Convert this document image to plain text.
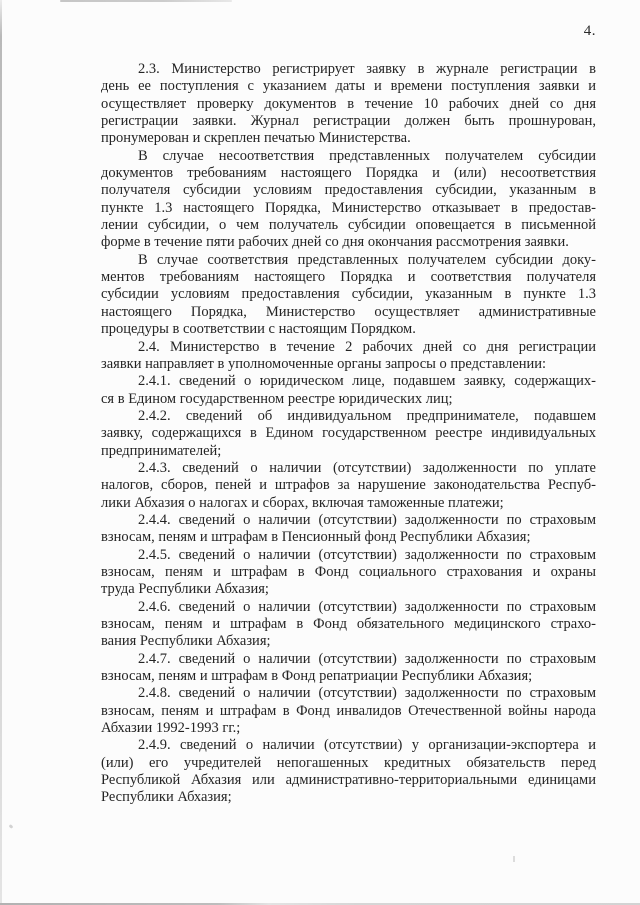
4.
2.3. Министерство регистрирует заявку в журнале регистрации в
день ее поступления с указанием даты и времени поступления заявки и
осуществляет проверку документов в течение 10 рабочих дней со дня
регистрации заявки. Журнал регистрации должен быть прошнурован,
пронумерован и скреплен печатью Министерства.
В случае несоответствия представленных получателем субсидии
документов требованиям настоящего Порядка и (или) несоответствия
получателя субсидии условиям предоставления субсидии, указанным в
пункте 1.3 настоящего Порядка, Министерство отказывает в предостав-
лении субсидии, о чем получатель субсидии оповещается в письменной
форме в течение пяти рабочих дней со дня окончания рассмотрения заявки.
В случае соответствия представленных получателем субсидии доку-
ментов требованиям настоящего Порядка и соответствия получателя
субсидии условиям предоставления субсидии, указанным в пункте 1.3
настоящего Порядка, Министерство осуществляет административные
процедуры в соответствии с настоящим Порядком.
2.4. Министерство в течение 2 рабочих дней со дня регистрации
заявки направляет в уполномоченные органы запросы о представлении:
2.4.1. сведений о юридическом лице, подавшем заявку, содержащих-
ся в Едином государственном реестре юридических лиц;
2.4.2. сведений об индивидуальном предпринимателе, подавшем
заявку, содержащихся в Едином государственном реестре индивидуальных
предпринимателей;
2.4.3. сведений о наличии (отсутствии) задолженности по уплате
налогов, сборов, пеней и штрафов за нарушение законодательства Респуб-
лики Абхазия о налогах и сборах, включая таможенные платежи;
2.4.4. сведений о наличии (отсутствии) задолженности по страховым
взносам, пеням и штрафам в Пенсионный фонд Республики Абхазия;
2.4.5. сведений о наличии (отсутствии) задолженности по страховым
взносам, пеням и штрафам в Фонд социального страхования и охраны
труда Республики Абхазия;
2.4.6. сведений о наличии (отсутствии) задолженности по страховым
взносам, пеням и штрафам в Фонд обязательного медицинского страхо-
вания Республики Абхазия;
2.4.7. сведений о наличии (отсутствии) задолженности по страховым
взносам, пеням и штрафам в Фонд репатриации Республики Абхазия;
2.4.8. сведений о наличии (отсутствии) задолженности по страховым
взносам, пеням и штрафам в Фонд инвалидов Отечественной войны народа
Абхазии 1992-1993 гг.;
2.4.9. сведений о наличии (отсутствии) у организации-экспортера и
(или) его учредителей непогашенных кредитных обязательств перед
Республикой Абхазия или административно-территориальными единицами
Республики Абхазия;
